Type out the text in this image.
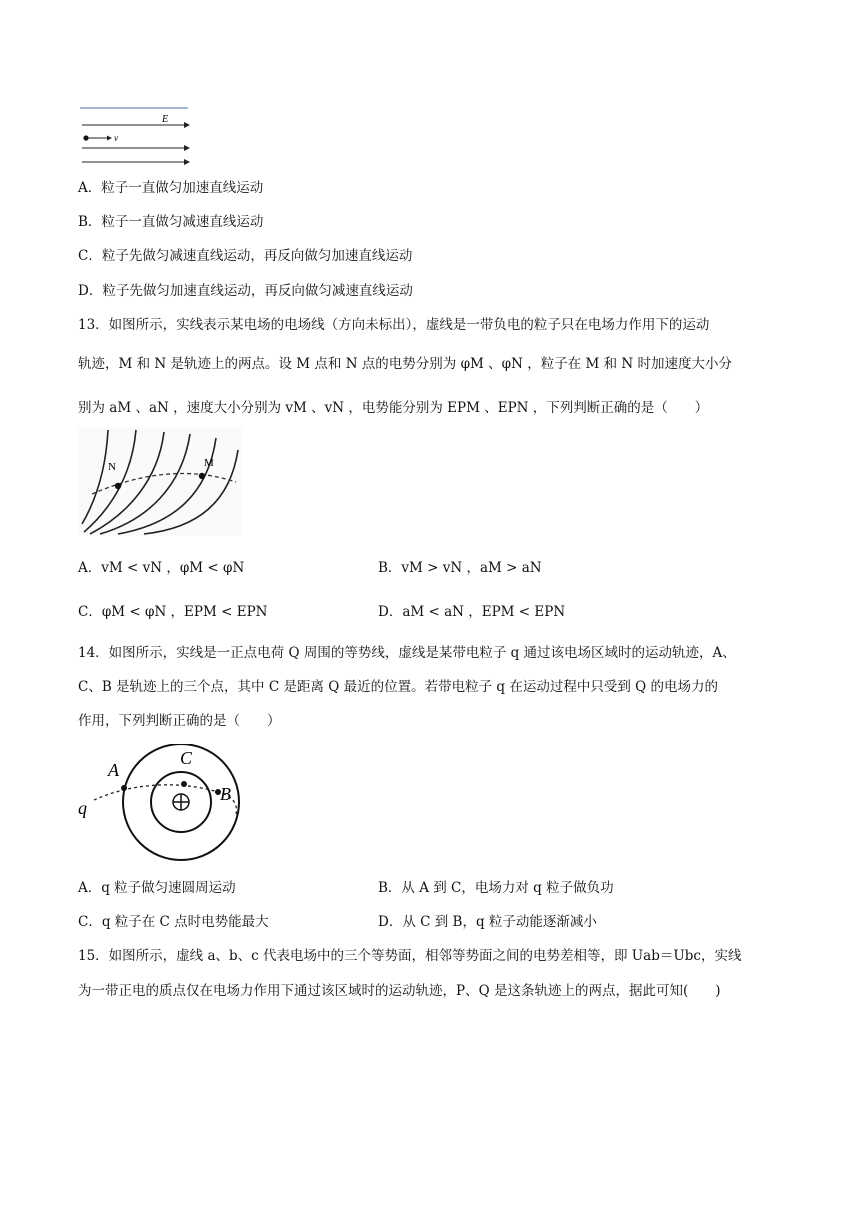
E
v
A．粒子一直做匀加速直线运动
B．粒子一直做匀减速直线运动
C．粒子先做匀减速直线运动，再反向做匀加速直线运动
D．粒子先做匀加速直线运动，再反向做匀减速直线运动
13．如图所示，实线表示某电场的电场线（方向未标出），虚线是一带负电的粒子只在电场力作用下的运动
轨迹，M 和 N 是轨迹上的两点。设 M 点和 N 点的电势分别为 φM 、φN ，粒子在 M 和 N 时加速度大小分
别为 aM 、aN ，速度大小分别为 vM 、vN ，电势能分别为 EPM 、EPN ，下列判断正确的是（　　）
N	M
A．vM < vN ，φM < φN	B．vM > vN ，aM > aN
C．φM < φN ，EPM < EPN	D．aM < aN ，EPM < EPN
14．如图所示，实线是一正点电荷 Q 周围的等势线，虚线是某带电粒子 q 通过该电场区域时的运动轨迹，A、
C、B 是轨迹上的三个点，其中 C 是距离 Q 最近的位置。若带电粒子 q 在运动过程中只受到 Q 的电场力的
作用，下列判断正确的是（　　）
A
C
B
q
A．q 粒子做匀速圆周运动	B．从 A 到 C，电场力对 q 粒子做负功
C．q 粒子在 C 点时电势能最大	D．从 C 到 B，q 粒子动能逐渐减小
15．如图所示，虚线 a、b、c 代表电场中的三个等势面，相邻等势面之间的电势差相等，即 Uab＝Ubc，实线
为一带正电的质点仅在电场力作用下通过该区域时的运动轨迹，P、Q 是这条轨迹上的两点，据此可知(　　)
